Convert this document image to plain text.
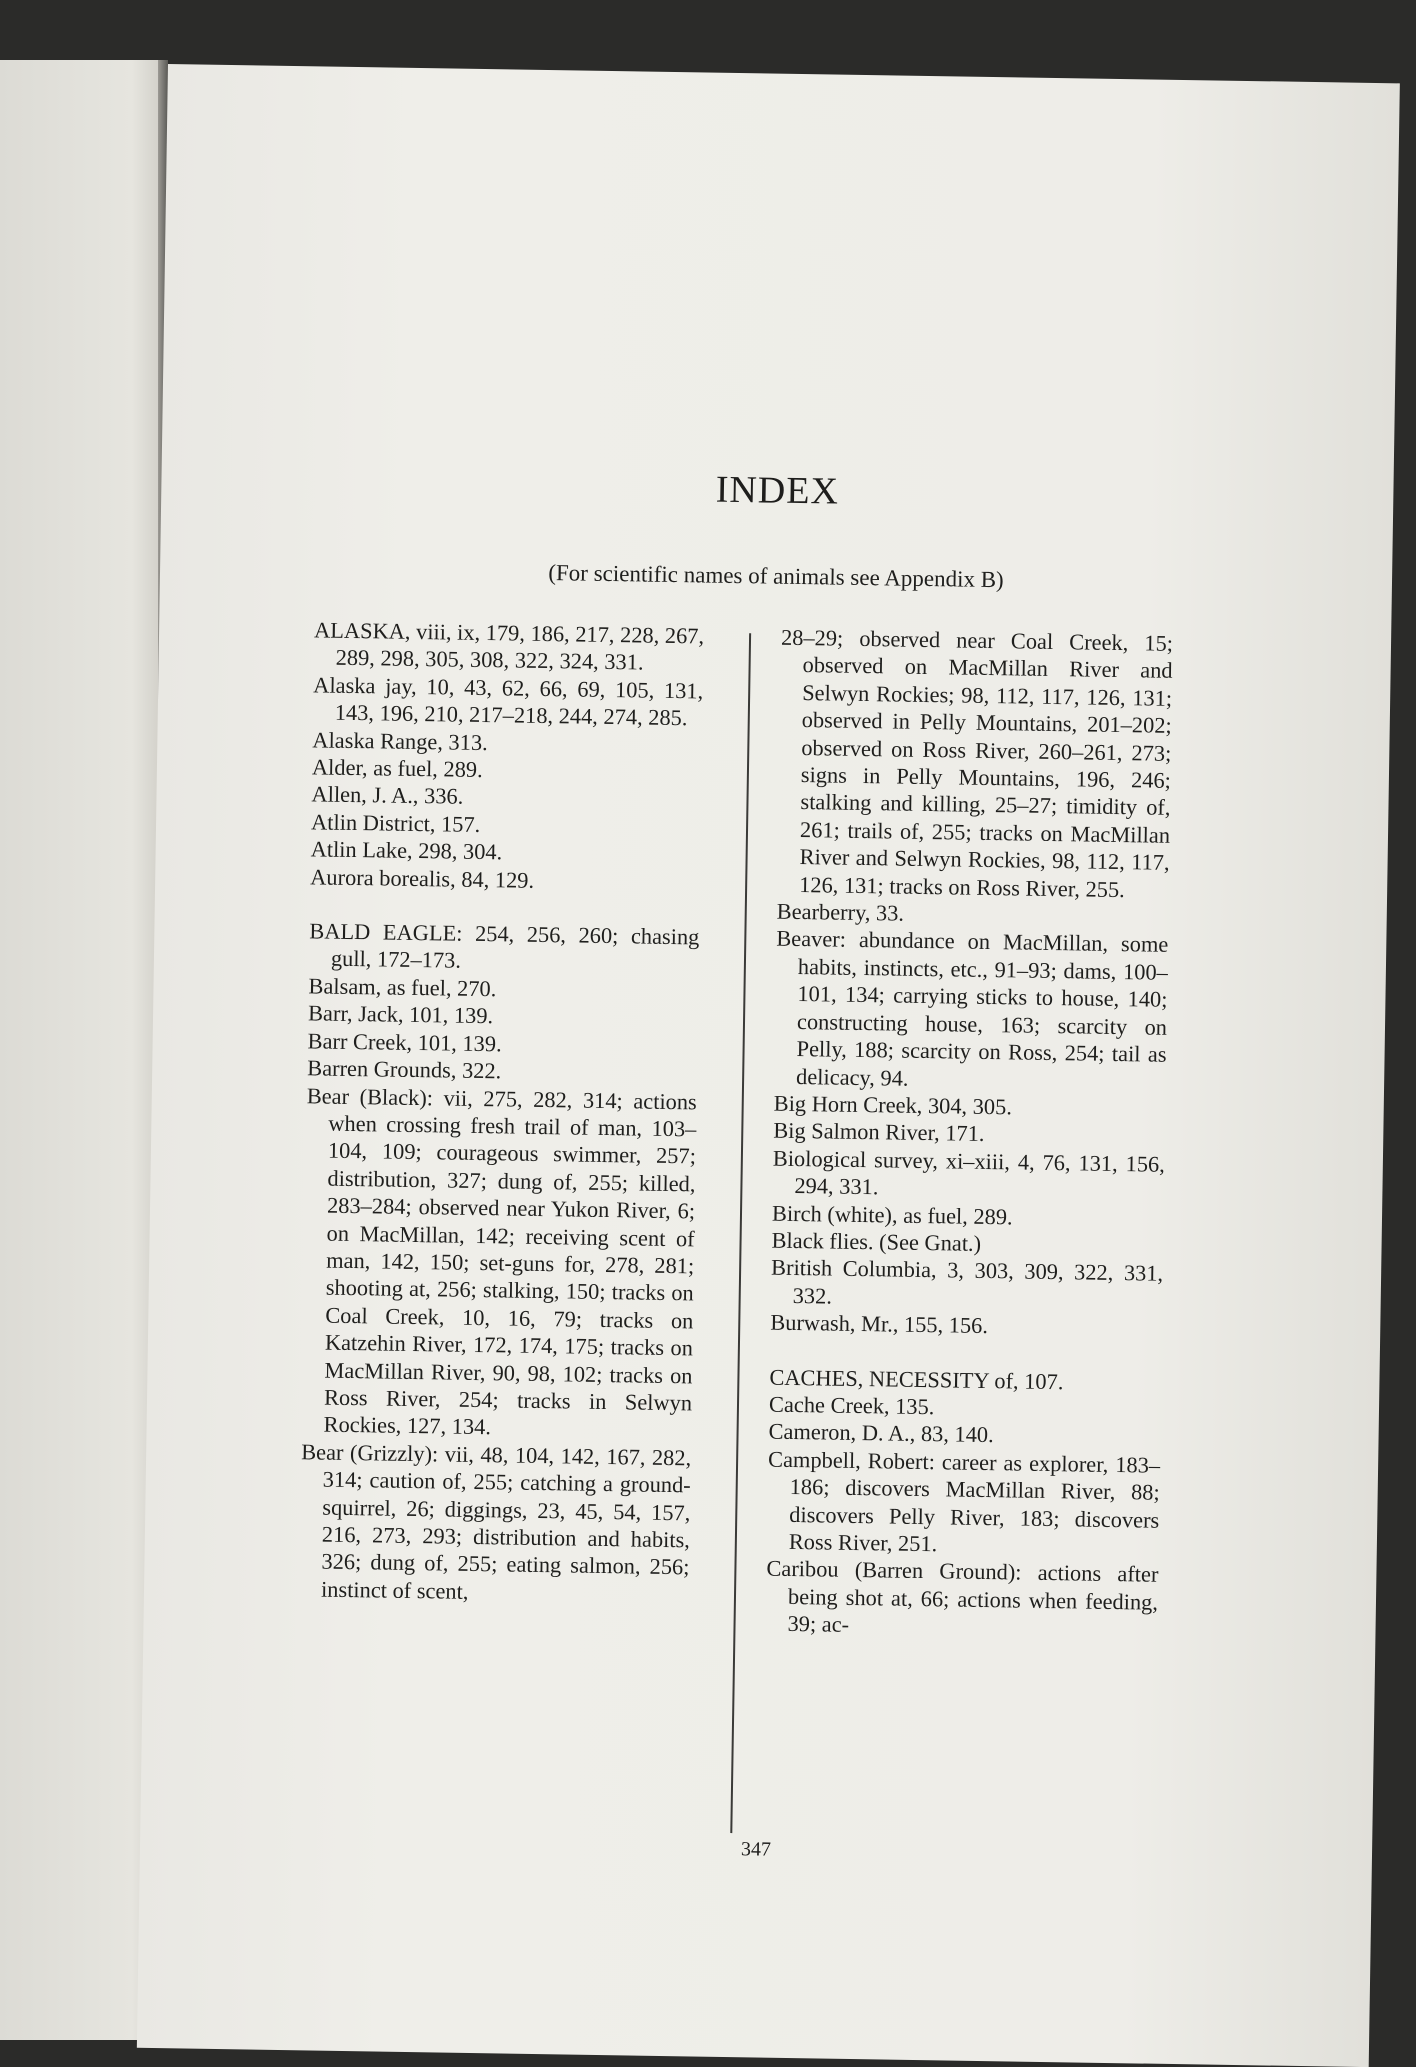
INDEX
(For scientific names of animals see Appendix B)

ALASKA, viii, ix, 179, 186, 217, 228, 267, 289, 298, 305, 308, 322, 324, 331.

Alaska jay, 10, 43, 62, 66, 69, 105, 131, 143, 196, 210, 217–218, 244, 274, 285.

Alaska Range, 313.

Alder, as fuel, 289.

Allen, J. A., 336.

Atlin District, 157.

Atlin Lake, 298, 304.

Aurora borealis, 84, 129.

BALD EAGLE: 254, 256, 260; chasing gull, 172–173.

Balsam, as fuel, 270.

Barr, Jack, 101, 139.

Barr Creek, 101, 139.

Barren Grounds, 322.

Bear (Black): vii, 275, 282, 314; actions when crossing fresh trail of man, 103–104, 109; courageous swimmer, 257; distribution, 327; dung of, 255; killed, 283–284; observed near Yukon River, 6; on MacMillan, 142; receiving scent of man, 142, 150; set-guns for, 278, 281; shooting at, 256; stalking, 150; tracks on Coal Creek, 10, 16, 79; tracks on Katzehin River, 172, 174, 175; tracks on MacMillan River, 90, 98, 102; tracks on Ross River, 254; tracks in Selwyn Rockies, 127, 134.

Bear (Grizzly): vii, 48, 104, 142, 167, 282, 314; caution of, 255; catching a ground-squirrel, 26; diggings, 23, 45, 54, 157, 216, 273, 293; distribution and habits, 326; dung of, 255; eating salmon, 256; instinct of scent,

28–29; observed near Coal Creek, 15; observed on MacMillan River and Selwyn Rockies; 98, 112, 117, 126, 131; observed in Pelly Mountains, 201–202; observed on Ross River, 260–261, 273; signs in Pelly Mountains, 196, 246; stalking and killing, 25–27; timidity of, 261; trails of, 255; tracks on MacMillan River and Selwyn Rockies, 98, 112, 117, 126, 131; tracks on Ross River, 255.

Bearberry, 33.

Beaver: abundance on MacMillan, some habits, instincts, etc., 91–93; dams, 100–101, 134; carrying sticks to house, 140; constructing house, 163; scarcity on Pelly, 188; scarcity on Ross, 254; tail as delicacy, 94.

Big Horn Creek, 304, 305.

Big Salmon River, 171.

Biological survey, xi–xiii, 4, 76, 131, 156, 294, 331.

Birch (white), as fuel, 289.

Black flies. (See Gnat.)

British Columbia, 3, 303, 309, 322, 331, 332.

Burwash, Mr., 155, 156.

CACHES, NECESSITY of, 107.

Cache Creek, 135.

Cameron, D. A., 83, 140.

Campbell, Robert: career as explorer, 183–186; discovers MacMillan River, 88; discovers Pelly River, 183; discovers Ross River, 251.

Caribou (Barren Ground): actions after being shot at, 66; actions when feeding, 39; ac-

347
